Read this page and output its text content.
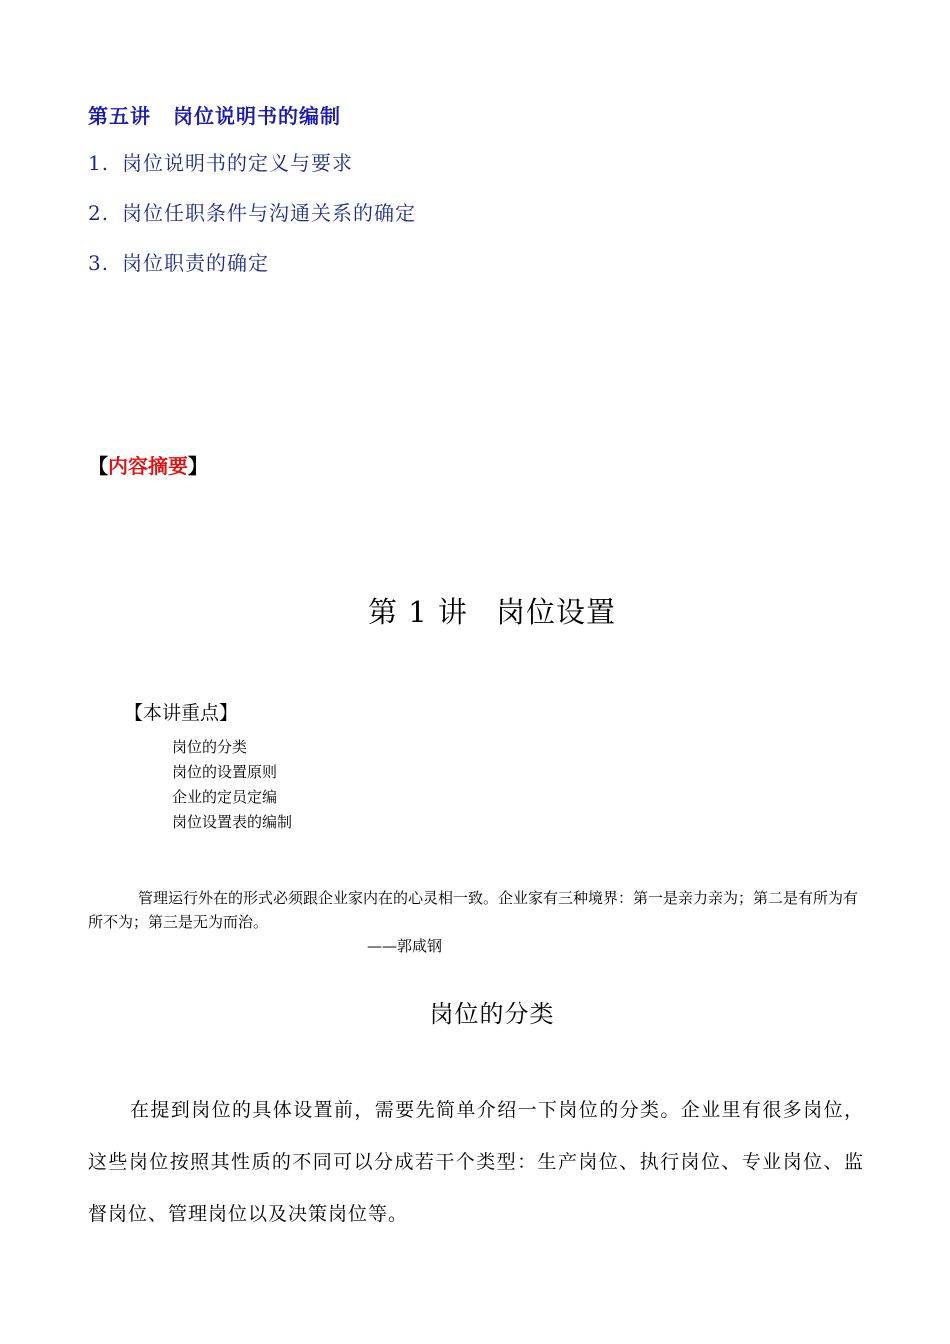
第五讲 岗位说明书的编制
1. 岗位说明书的定义与要求
2. 岗位任职条件与沟通关系的确定
3. 岗位职责的确定
【内容摘要】
第 1 讲 岗位设置
【本讲重点】
岗位的分类
岗位的设置原则
企业的定员定编
岗位设置表的编制

管理运行外在的形式必须跟企业家内在的心灵相一致。企业家有三种境界：第一是亲力亲为；第二是有所为有所不为；第三是无为而治。

——郭咸钢
岗位的分类

在提到岗位的具体设置前，需要先简单介绍一下岗位的分类。企业里有很多岗位，这些岗位按照其性质的不同可以分成若干个类型：生产岗位、执行岗位、专业岗位、监督岗位、管理岗位以及决策岗位等。
